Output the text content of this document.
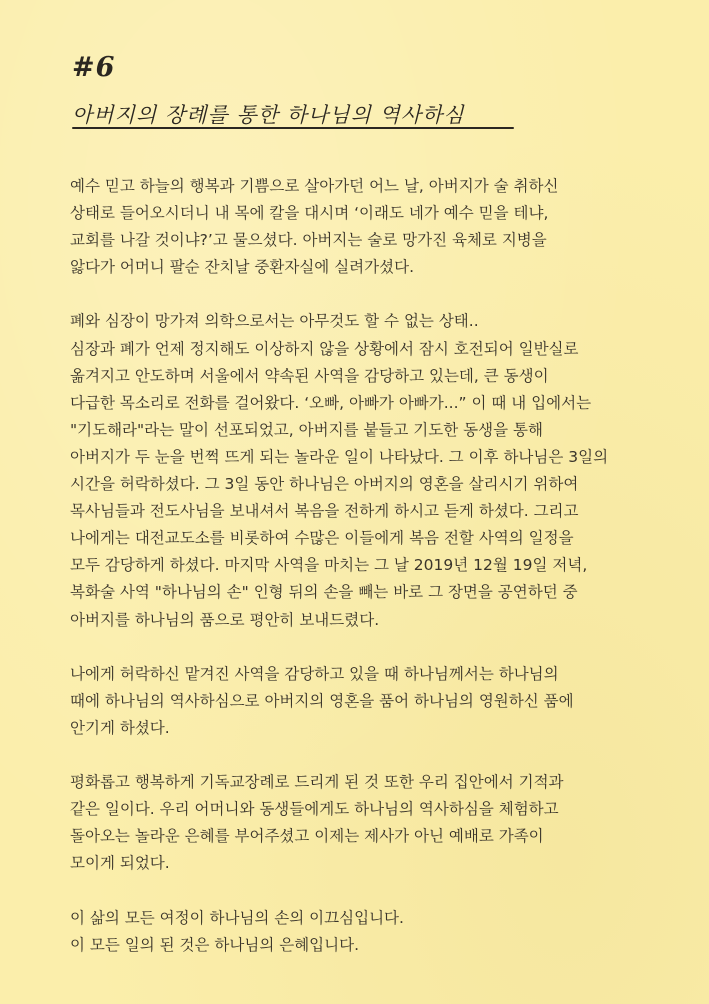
#6
아버지의 장례를 통한 하나님의 역사하심

예수 믿고 하늘의 행복과 기쁨으로 살아가던 어느 날, 아버지가 술 취하신
상태로 들어오시더니 내 목에 칼을 대시며 ‘이래도 네가 예수 믿을 테냐,
교회를 나갈 것이냐?’고 물으셨다. 아버지는 술로 망가진 육체로 지병을
앓다가 어머니 팔순 잔치날 중환자실에 실려가셨다.

폐와 심장이 망가져 의학으로서는 아무것도 할 수 없는 상태..
심장과 폐가 언제 정지해도 이상하지 않을 상황에서 잠시 호전되어 일반실로
옮겨지고 안도하며 서울에서 약속된 사역을 감당하고 있는데, 큰 동생이
다급한 목소리로 전화를 걸어왔다. ‘오빠, 아빠가 아빠가...” 이 때 내 입에서는
"기도해라"라는 말이 선포되었고, 아버지를 붙들고 기도한 동생을 통해
아버지가 두 눈을 번쩍 뜨게 되는 놀라운 일이 나타났다. 그 이후 하나님은 3일의
시간을 허락하셨다. 그 3일 동안 하나님은 아버지의 영혼을 살리시기 위하여
목사님들과 전도사님을 보내셔서 복음을 전하게 하시고 듣게 하셨다. 그리고
나에게는 대전교도소를 비롯하여 수많은 이들에게 복음 전할 사역의 일정을
모두 감당하게 하셨다. 마지막 사역을 마치는 그 날 2019년 12월 19일 저녁,
복화술 사역 "하나님의 손" 인형 뒤의 손을 빼는 바로 그 장면을 공연하던 중
아버지를 하나님의 품으로 평안히 보내드렸다.

나에게 허락하신 맡겨진 사역을 감당하고 있을 때 하나님께서는 하나님의
때에 하나님의 역사하심으로 아버지의 영혼을 품어 하나님의 영원하신 품에
안기게 하셨다.

평화롭고 행복하게 기독교장례로 드리게 된 것 또한 우리 집안에서 기적과
같은 일이다. 우리 어머니와 동생들에게도 하나님의 역사하심을 체험하고
돌아오는 놀라운 은혜를 부어주셨고 이제는 제사가 아닌 예배로 가족이
모이게 되었다.

이 삶의 모든 여정이 하나님의 손의 이끄심입니다.
이 모든 일의 된 것은 하나님의 은혜입니다.
